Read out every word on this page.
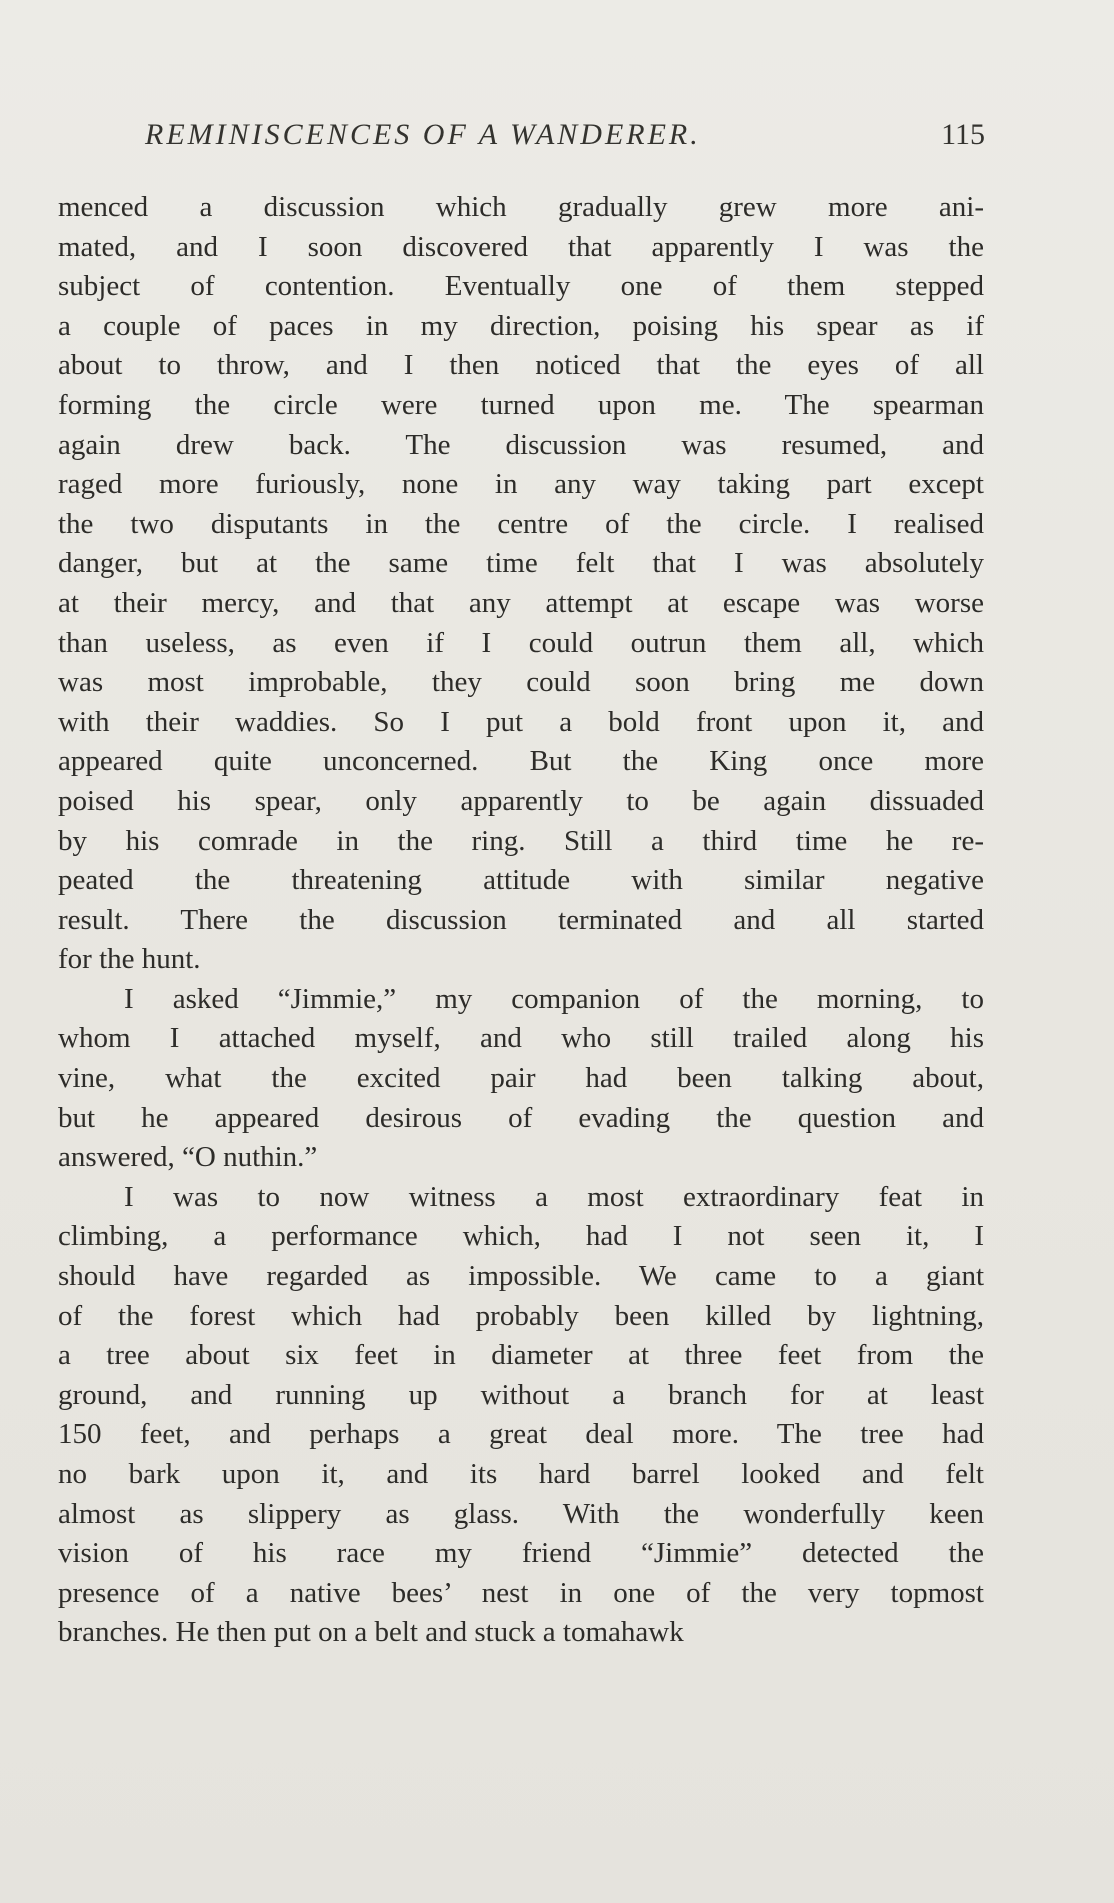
REMINISCENCES OF A WANDERER.	115
menced a discussion which gradually grew more ani-
mated, and I soon discovered that apparently I was the
subject of contention. Eventually one of them stepped
a couple of paces in my direction, poising his spear as if
about to throw, and I then noticed that the eyes of all
forming the circle were turned upon me. The spearman
again drew back. The discussion was resumed, and
raged more furiously, none in any way taking part except
the two disputants in the centre of the circle. I realised
danger, but at the same time felt that I was absolutely
at their mercy, and that any attempt at escape was worse
than useless, as even if I could outrun them all, which
was most improbable, they could soon bring me down
with their waddies. So I put a bold front upon it, and
appeared quite unconcerned. But the King once more
poised his spear, only apparently to be again dissuaded
by his comrade in the ring. Still a third time he re-
peated the threatening attitude with similar negative
result. There the discussion terminated and all started
for the hunt.
I asked “Jimmie,” my companion of the morning, to
whom I attached myself, and who still trailed along his
vine, what the excited pair had been talking about,
but he appeared desirous of evading the question and
answered, “O nuthin.”
I was to now witness a most extraordinary feat in
climbing, a performance which, had I not seen it, I
should have regarded as impossible. We came to a giant
of the forest which had probably been killed by lightning,
a tree about six feet in diameter at three feet from the
ground, and running up without a branch for at least
150 feet, and perhaps a great deal more. The tree had
no bark upon it, and its hard barrel looked and felt
almost as slippery as glass. With the wonderfully keen
vision of his race my friend “Jimmie” detected the
presence of a native bees’ nest in one of the very topmost
branches. He then put on a belt and stuck a tomahawk
